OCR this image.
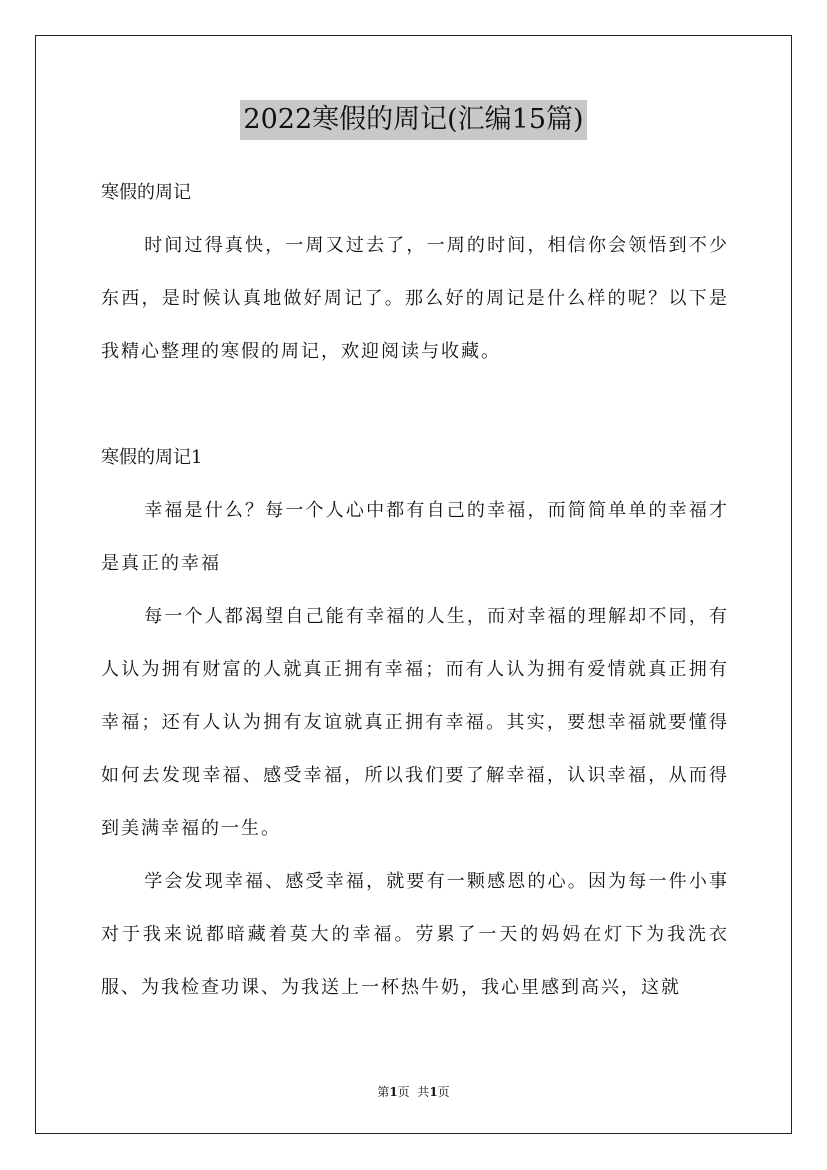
2022寒假的周记(汇编15篇)

寒假的周记

时间过得真快，一周又过去了，一周的时间，相信你会领悟到不少东西，是时候认真地做好周记了。那么好的周记是什么样的呢？以下是我精心整理的寒假的周记，欢迎阅读与收藏。

寒假的周记1

幸福是什么？每一个人心中都有自己的幸福，而简简单单的幸福才是真正的幸福

每一个人都渴望自己能有幸福的人生，而对幸福的理解却不同，有人认为拥有财富的人就真正拥有幸福；而有人认为拥有爱情就真正拥有幸福；还有人认为拥有友谊就真正拥有幸福。其实，要想幸福就要懂得如何去发现幸福、感受幸福，所以我们要了解幸福，认识幸福，从而得到美满幸福的一生。

学会发现幸福、感受幸福，就要有一颗感恩的心。因为每一件小事对于我来说都暗藏着莫大的幸福。劳累了一天的妈妈在灯下为我洗衣服、为我检查功课、为我送上一杯热牛奶，我心里感到高兴，这就

第1页  共1页
